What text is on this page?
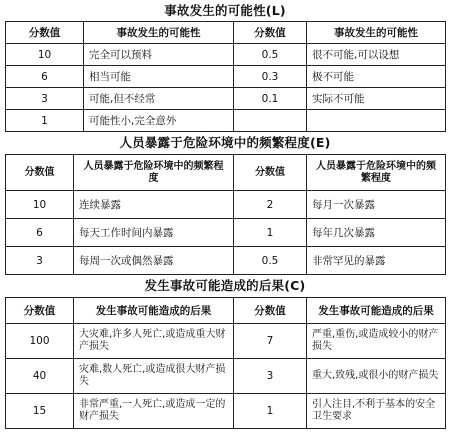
事故发生的可能性(L)
分数值	事故发生的可能性	分数值	事故发生的可能性
10	完全可以预料	0.5	很不可能,可以设想
6	相当可能	0.3	极不可能
3	可能,但不经常	0.1	实际不可能
1	可能性小,完全意外		
人员暴露于危险环境中的频繁程度(E)
分数值	人员暴露于危险环境中的频繁程度	分数值	人员暴露于危险环境中的频繁程度
10	连续暴露	2	每月一次暴露
6	每天工作时间内暴露	1	每年几次暴露
3	每周一次或偶然暴露	0.5	非常罕见的暴露
发生事故可能造成的后果(C)
分数值	发生事故可能造成的后果	分数值	发生事故可能造成的后果
100	大灾难,许多人死亡,或造成重大财产损失	7	严重,重伤,或造成较小的财产损失
40	灾难,数人死亡,或造成很大财产损失	3	重大,致残,或很小的财产损失
15	非常严重,一人死亡,或造成一定的财产损失	1	引人注目,不利于基本的安全卫生要求
